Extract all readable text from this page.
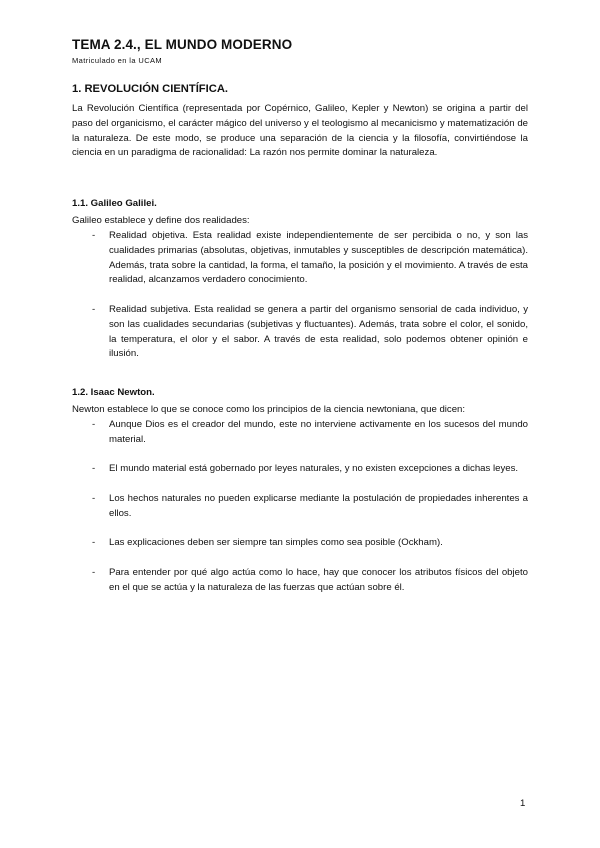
TEMA 2.4., EL MUNDO MODERNO
Matriculado en la UCAM
1. REVOLUCIÓN CIENTÍFICA.

La Revolución Científica (representada por Copérnico, Galileo, Kepler y Newton) se origina a partir del paso del organicismo, el carácter mágico del universo y el teologismo al mecanicismo y matematización de la naturaleza. De este modo, se produce una separación de la ciencia y la filosofía, convirtiéndose la ciencia en un paradigma de racionalidad: La razón nos permite dominar la naturaleza.

1.1. Galileo Galilei.

Galileo establece y define dos realidades:

- Realidad objetiva. Esta realidad existe independientemente de ser percibida o no, y son las cualidades primarias (absolutas, objetivas, inmutables y susceptibles de descripción matemática). Además, trata sobre la cantidad, la forma, el tamaño, la posición y el movimiento. A través de esta realidad, alcanzamos verdadero conocimiento.
- Realidad subjetiva. Esta realidad se genera a partir del organismo sensorial de cada individuo, y son las cualidades secundarias (subjetivas y fluctuantes). Además, trata sobre el color, el sonido, la temperatura, el olor y el sabor. A través de esta realidad, solo podemos obtener opinión e ilusión.
1.2. Isaac Newton.

Newton establece lo que se conoce como los principios de la ciencia newtoniana, que dicen:

- Aunque Dios es el creador del mundo, este no interviene activamente en los sucesos del mundo material.
- El mundo material está gobernado por leyes naturales, y no existen excepciones a dichas leyes.
- Los hechos naturales no pueden explicarse mediante la postulación de propiedades inherentes a ellos.
- Las explicaciones deben ser siempre tan simples como sea posible (Ockham).
- Para entender por qué algo actúa como lo hace, hay que conocer los atributos físicos del objeto en el que se actúa y la naturaleza de las fuerzas que actúan sobre él.
1
